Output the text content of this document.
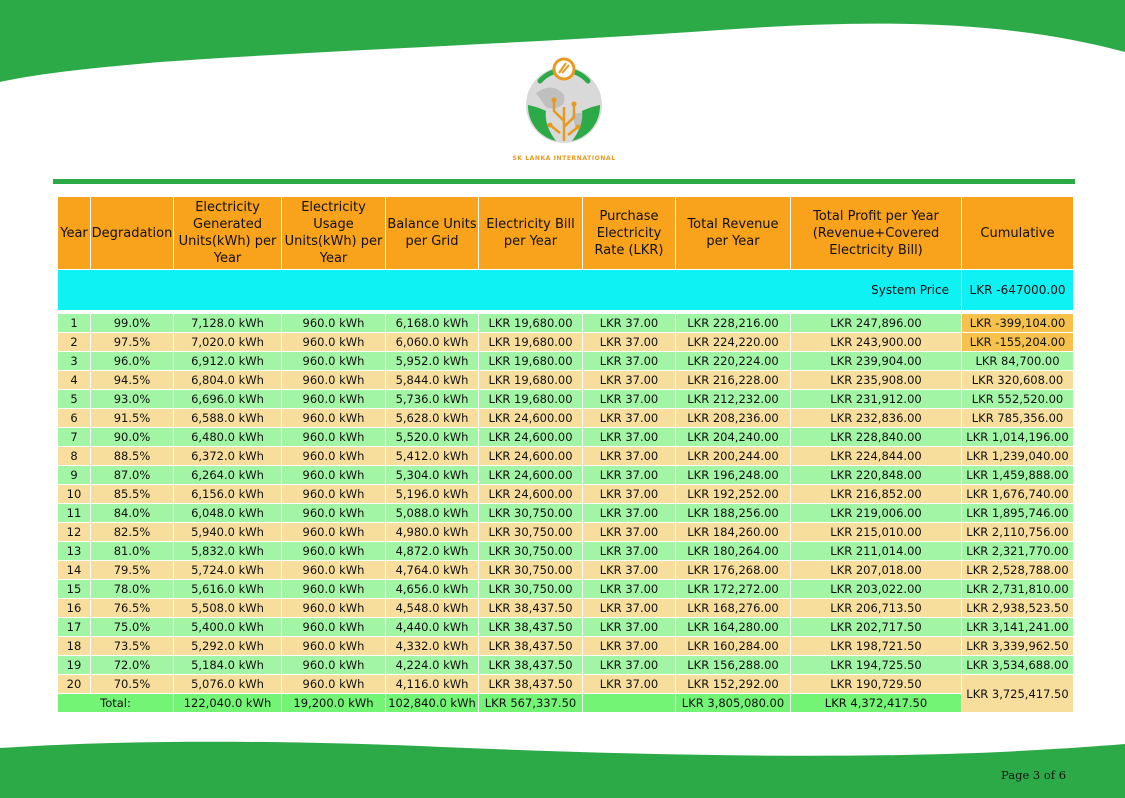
SK LANKA INTERNATIONAL
Year	Degradation	Electricity Generated Units(kWh) per Year	Electricity Usage Units(kWh) per Year	Balance Units per Grid	Electricity Bill per Year	Purchase Electricity Rate (LKR)	Total Revenue per Year	Total Profit per Year (Revenue+Covered Electricity Bill)	Cumulative
System Price									LKR -647000.00

1	99.0%	7,128.0 kWh	960.0 kWh	6,168.0 kWh	LKR 19,680.00	LKR 37.00	LKR 228,216.00	LKR 247,896.00	LKR -399,104.00
2	97.5%	7,020.0 kWh	960.0 kWh	6,060.0 kWh	LKR 19,680.00	LKR 37.00	LKR 224,220.00	LKR 243,900.00	LKR -155,204.00
3	96.0%	6,912.0 kWh	960.0 kWh	5,952.0 kWh	LKR 19,680.00	LKR 37.00	LKR 220,224.00	LKR 239,904.00	LKR 84,700.00
4	94.5%	6,804.0 kWh	960.0 kWh	5,844.0 kWh	LKR 19,680.00	LKR 37.00	LKR 216,228.00	LKR 235,908.00	LKR 320,608.00
5	93.0%	6,696.0 kWh	960.0 kWh	5,736.0 kWh	LKR 19,680.00	LKR 37.00	LKR 212,232.00	LKR 231,912.00	LKR 552,520.00
6	91.5%	6,588.0 kWh	960.0 kWh	5,628.0 kWh	LKR 24,600.00	LKR 37.00	LKR 208,236.00	LKR 232,836.00	LKR 785,356.00
7	90.0%	6,480.0 kWh	960.0 kWh	5,520.0 kWh	LKR 24,600.00	LKR 37.00	LKR 204,240.00	LKR 228,840.00	LKR 1,014,196.00
8	88.5%	6,372.0 kWh	960.0 kWh	5,412.0 kWh	LKR 24,600.00	LKR 37.00	LKR 200,244.00	LKR 224,844.00	LKR 1,239,040.00
9	87.0%	6,264.0 kWh	960.0 kWh	5,304.0 kWh	LKR 24,600.00	LKR 37.00	LKR 196,248.00	LKR 220,848.00	LKR 1,459,888.00
10	85.5%	6,156.0 kWh	960.0 kWh	5,196.0 kWh	LKR 24,600.00	LKR 37.00	LKR 192,252.00	LKR 216,852.00	LKR 1,676,740.00
11	84.0%	6,048.0 kWh	960.0 kWh	5,088.0 kWh	LKR 30,750.00	LKR 37.00	LKR 188,256.00	LKR 219,006.00	LKR 1,895,746.00
12	82.5%	5,940.0 kWh	960.0 kWh	4,980.0 kWh	LKR 30,750.00	LKR 37.00	LKR 184,260.00	LKR 215,010.00	LKR 2,110,756.00
13	81.0%	5,832.0 kWh	960.0 kWh	4,872.0 kWh	LKR 30,750.00	LKR 37.00	LKR 180,264.00	LKR 211,014.00	LKR 2,321,770.00
14	79.5%	5,724.0 kWh	960.0 kWh	4,764.0 kWh	LKR 30,750.00	LKR 37.00	LKR 176,268.00	LKR 207,018.00	LKR 2,528,788.00
15	78.0%	5,616.0 kWh	960.0 kWh	4,656.0 kWh	LKR 30,750.00	LKR 37.00	LKR 172,272.00	LKR 203,022.00	LKR 2,731,810.00
16	76.5%	5,508.0 kWh	960.0 kWh	4,548.0 kWh	LKR 38,437.50	LKR 37.00	LKR 168,276.00	LKR 206,713.50	LKR 2,938,523.50
17	75.0%	5,400.0 kWh	960.0 kWh	4,440.0 kWh	LKR 38,437.50	LKR 37.00	LKR 164,280.00	LKR 202,717.50	LKR 3,141,241.00
18	73.5%	5,292.0 kWh	960.0 kWh	4,332.0 kWh	LKR 38,437.50	LKR 37.00	LKR 160,284.00	LKR 198,721.50	LKR 3,339,962.50
19	72.0%	5,184.0 kWh	960.0 kWh	4,224.0 kWh	LKR 38,437.50	LKR 37.00	LKR 156,288.00	LKR 194,725.50	LKR 3,534,688.00
20	70.5%	5,076.0 kWh	960.0 kWh	4,116.0 kWh	LKR 38,437.50	LKR 37.00	LKR 152,292.00	LKR 190,729.50	LKR 3,725,417.50
Total:		122,040.0 kWh	19,200.0 kWh	102,840.0 kWh	LKR 567,337.50		LKR 3,805,080.00	LKR 4,372,417.50	
Page 3 of 6
